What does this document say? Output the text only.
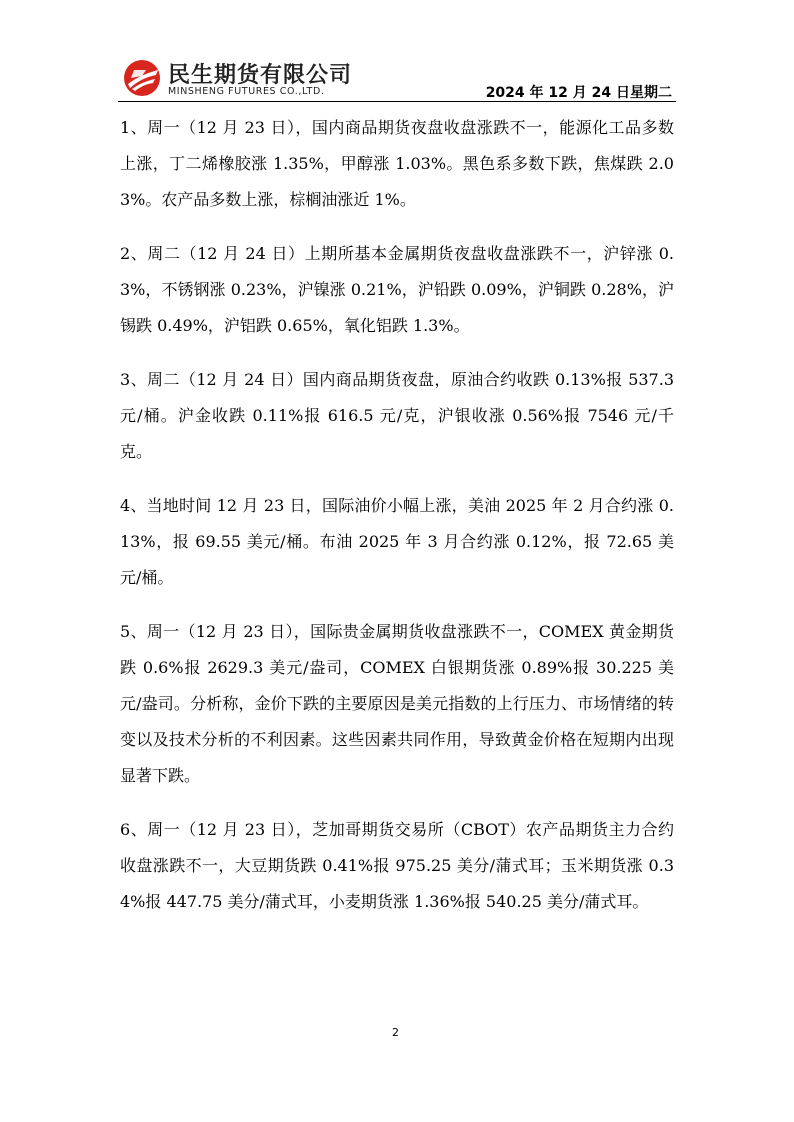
民生期货有限公司
MINSHENG FUTURES CO.,LTD.	2024 年 12 月 24 日星期二

1、周一（12 月 23 日），国内商品期货夜盘收盘涨跌不一，能源化工品多数上涨，丁二烯橡胶涨 1.35%，甲醇涨 1.03%。黑色系多数下跌，焦煤跌 2.03%。农产品多数上涨，棕榈油涨近 1%。

2、周二（12 月 24 日）上期所基本金属期货夜盘收盘涨跌不一，沪锌涨 0.3%，不锈钢涨 0.23%，沪镍涨 0.21%，沪铅跌 0.09%，沪铜跌 0.28%，沪锡跌 0.49%，沪铝跌 0.65%，氧化铝跌 1.3%。

3、周二（12 月 24 日）国内商品期货夜盘，原油合约收跌 0.13%报 537.3 元/桶。沪金收跌 0.11%报 616.5 元/克，沪银收涨 0.56%报 7546 元/千克。

4、当地时间 12 月 23 日，国际油价小幅上涨，美油 2025 年 2 月合约涨 0.13%，报 69.55 美元/桶。布油 2025 年 3 月合约涨 0.12%，报 72.65 美元/桶。

5、周一（12 月 23 日），国际贵金属期货收盘涨跌不一，COMEX 黄金期货跌 0.6%报 2629.3 美元/盎司，COMEX 白银期货涨 0.89%报 30.225 美元/盎司。分析称，金价下跌的主要原因是美元指数的上行压力、市场情绪的转变以及技术分析的不利因素。这些因素共同作用，导致黄金价格在短期内出现显著下跌。

6、周一（12 月 23 日），芝加哥期货交易所（CBOT）农产品期货主力合约收盘涨跌不一，大豆期货跌 0.41%报 975.25 美分/蒲式耳；玉米期货涨 0.34%报 447.75 美分/蒲式耳，小麦期货涨 1.36%报 540.25 美分/蒲式耳。

2
